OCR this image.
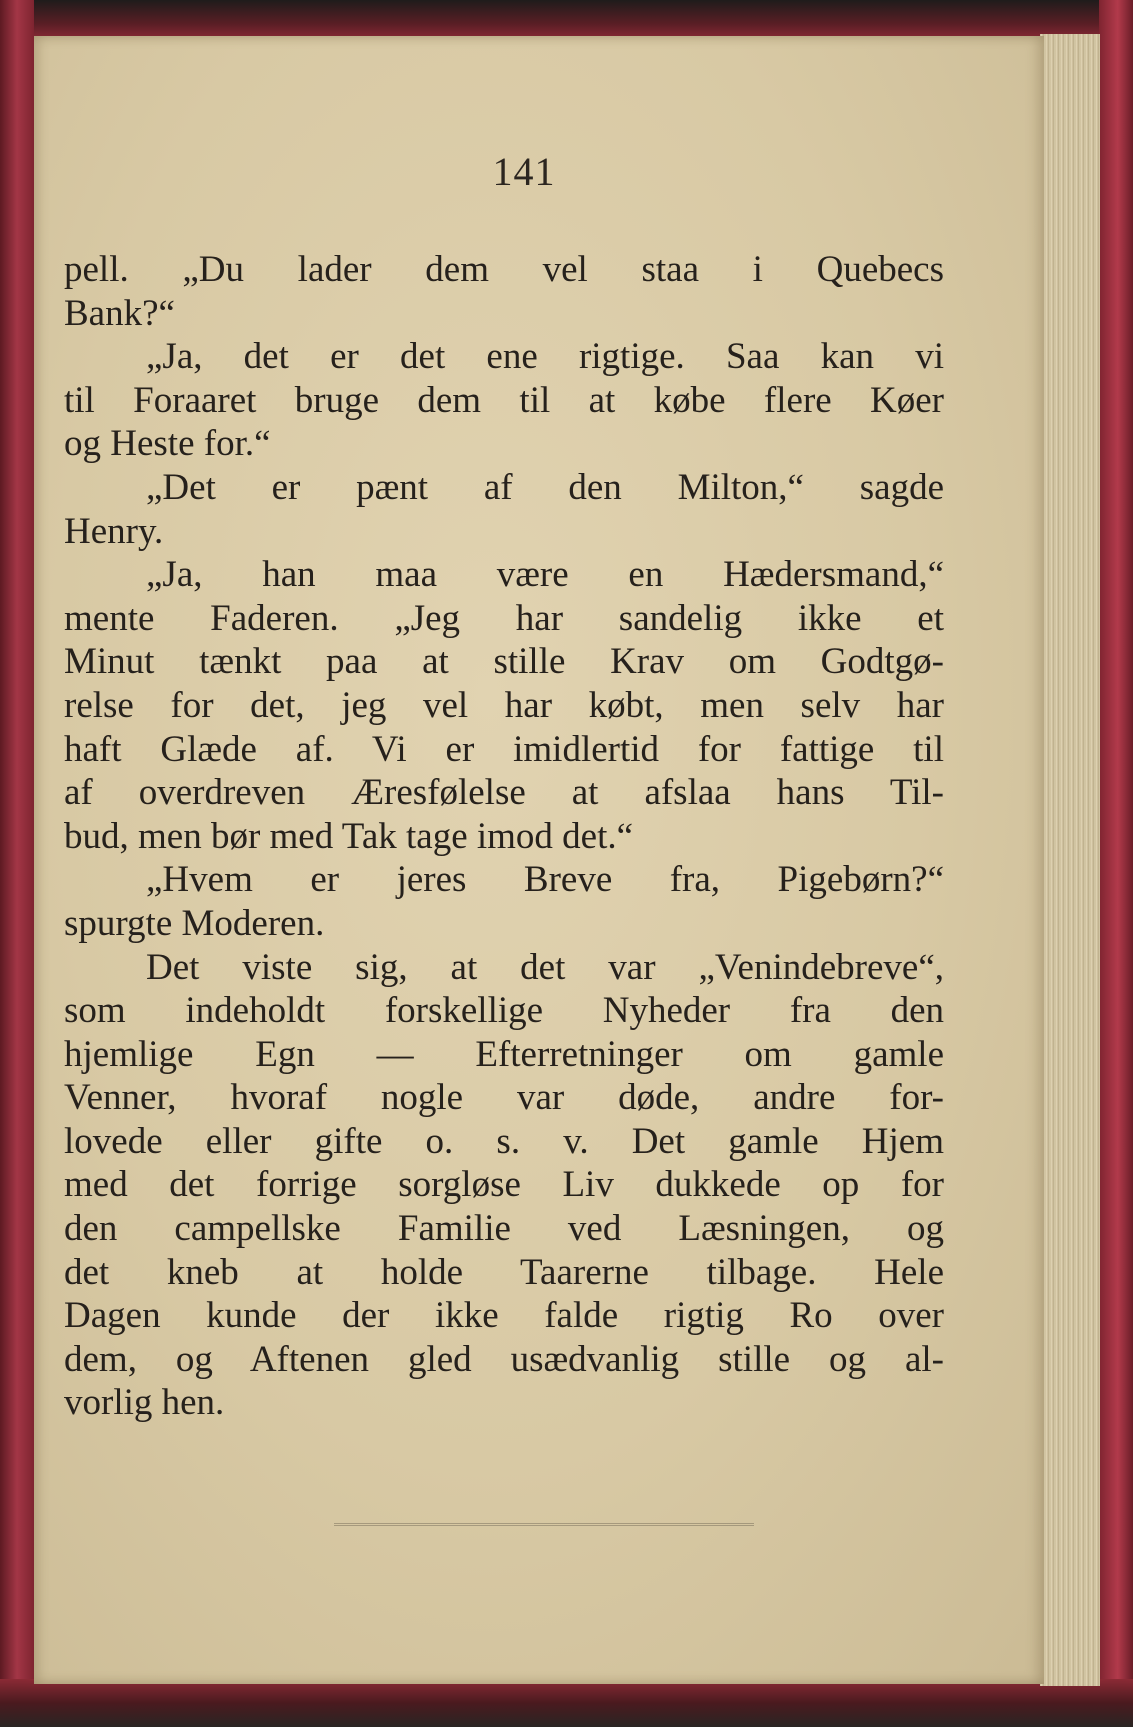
141
pell. „Du lader dem vel staa i Quebecs
Bank?“
„Ja, det er det ene rigtige. Saa kan vi
til Foraaret bruge dem til at købe flere Køer
og Heste for.“
„Det er pænt af den Milton,“ sagde
Henry.
„Ja, han maa være en Hædersmand,“
mente Faderen. „Jeg har sandelig ikke et
Minut tænkt paa at stille Krav om Godtgø-
relse for det, jeg vel har købt, men selv har
haft Glæde af. Vi er imidlertid for fattige til
af overdreven Æresfølelse at afslaa hans Til-
bud, men bør med Tak tage imod det.“
„Hvem er jeres Breve fra, Pigebørn?“
spurgte Moderen.
Det viste sig, at det var „Venindebreve“,
som indeholdt forskellige Nyheder fra den
hjemlige Egn — Efterretninger om gamle
Venner, hvoraf nogle var døde, andre for-
lovede eller gifte o. s. v. Det gamle Hjem
med det forrige sorgløse Liv dukkede op for
den campellske Familie ved Læsningen, og
det kneb at holde Taarerne tilbage. Hele
Dagen kunde der ikke falde rigtig Ro over
dem, og Aftenen gled usædvanlig stille og al-
vorlig hen.
